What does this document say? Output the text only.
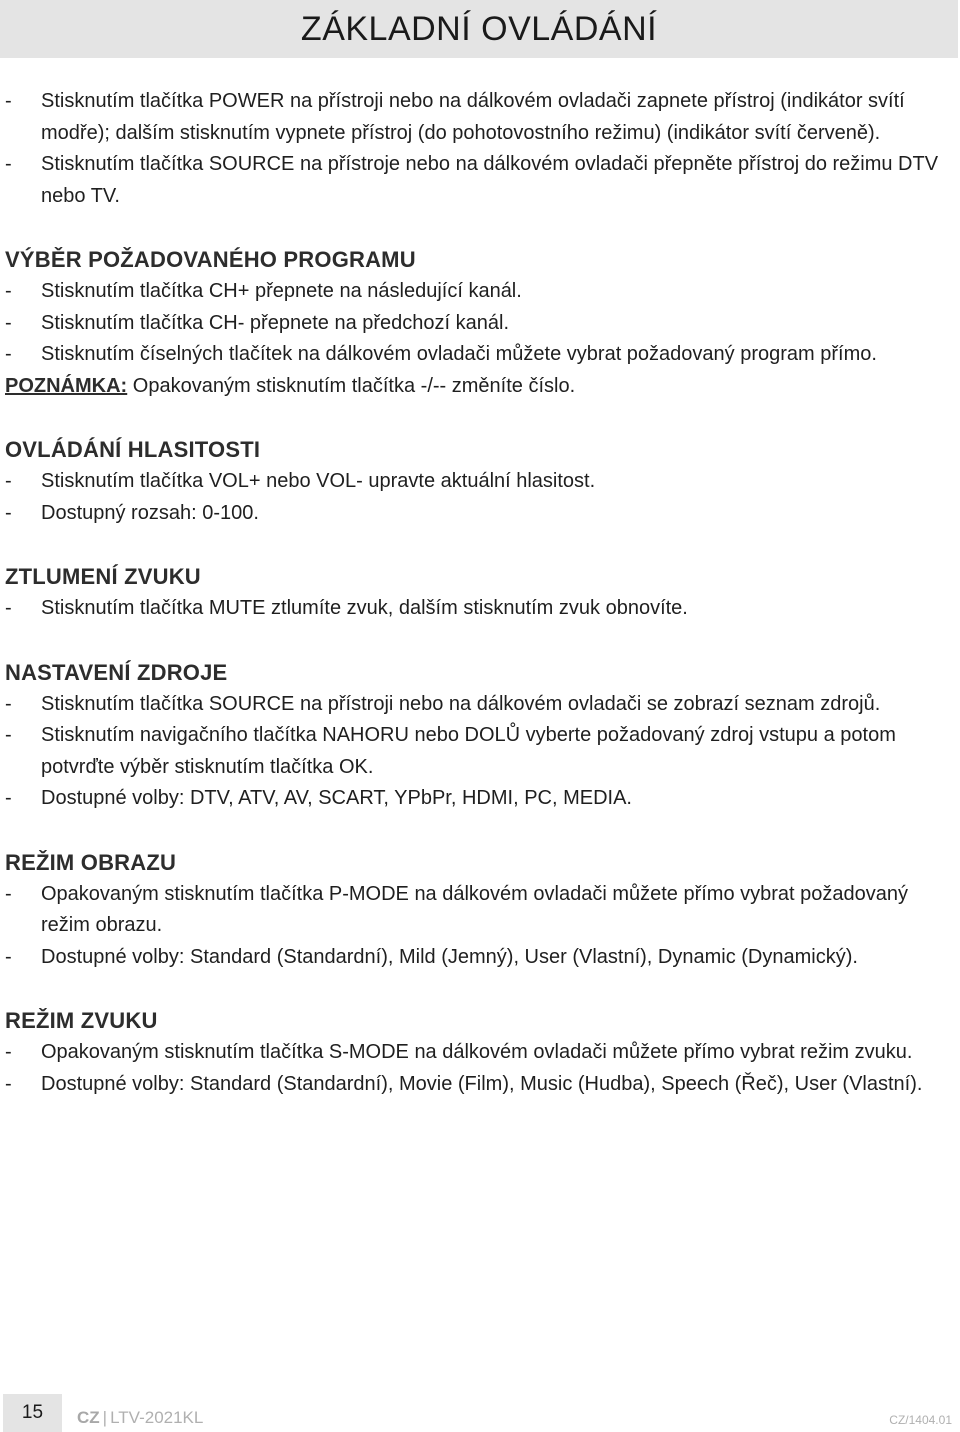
ZÁKLADNÍ OVLÁDÁNÍ
-	Stisknutím tlačítka POWER na přístroji nebo na dálkovém ovladači zapnete přístroj (indikátor svítí modře); dalším stisknutím vypnete přístroj (do pohotovostního režimu) (indikátor svítí červeně).
-	Stisknutím tlačítka SOURCE na přístroje nebo na dálkovém ovladači přepněte přístroj do režimu DTV nebo TV.
VÝBĚR POŽADOVANÉHO PROGRAMU
-	Stisknutím tlačítka CH+ přepnete na následující kanál.
-	Stisknutím tlačítka CH- přepnete na předchozí kanál.
-	Stisknutím číselných tlačítek na dálkovém ovladači můžete vybrat požadovaný program přímo.
POZNÁMKA: Opakovaným stisknutím tlačítka -/-- změníte číslo.
OVLÁDÁNÍ HLASITOSTI
-	Stisknutím tlačítka VOL+ nebo VOL- upravte aktuální hlasitost.
-	Dostupný rozsah: 0-100.
ZTLUMENÍ ZVUKU
-	Stisknutím tlačítka MUTE ztlumíte zvuk, dalším stisknutím zvuk obnovíte.
NASTAVENÍ ZDROJE
-	Stisknutím tlačítka SOURCE na přístroji nebo na dálkovém ovladači se zobrazí seznam zdrojů.
-	Stisknutím navigačního tlačítka NAHORU nebo DOLŮ vyberte požadovaný zdroj vstupu a potom potvrďte výběr stisknutím tlačítka OK.
-	Dostupné volby: DTV, ATV, AV, SCART, YPbPr, HDMI, PC, MEDIA.
REŽIM OBRAZU
-	Opakovaným stisknutím tlačítka P-MODE na dálkovém ovladači můžete přímo vybrat požadovaný režim obrazu.
-	Dostupné volby: Standard (Standardní), Mild (Jemný), User (Vlastní), Dynamic (Dynamický).
REŽIM ZVUKU
-	Opakovaným stisknutím tlačítka S-MODE na dálkovém ovladači můžete přímo vybrat režim zvuku.
-	Dostupné volby: Standard (Standardní), Movie (Film), Music (Hudba), Speech (Řeč), User (Vlastní).
15 CZ | LTV-2021KL	CZ/1404.01
